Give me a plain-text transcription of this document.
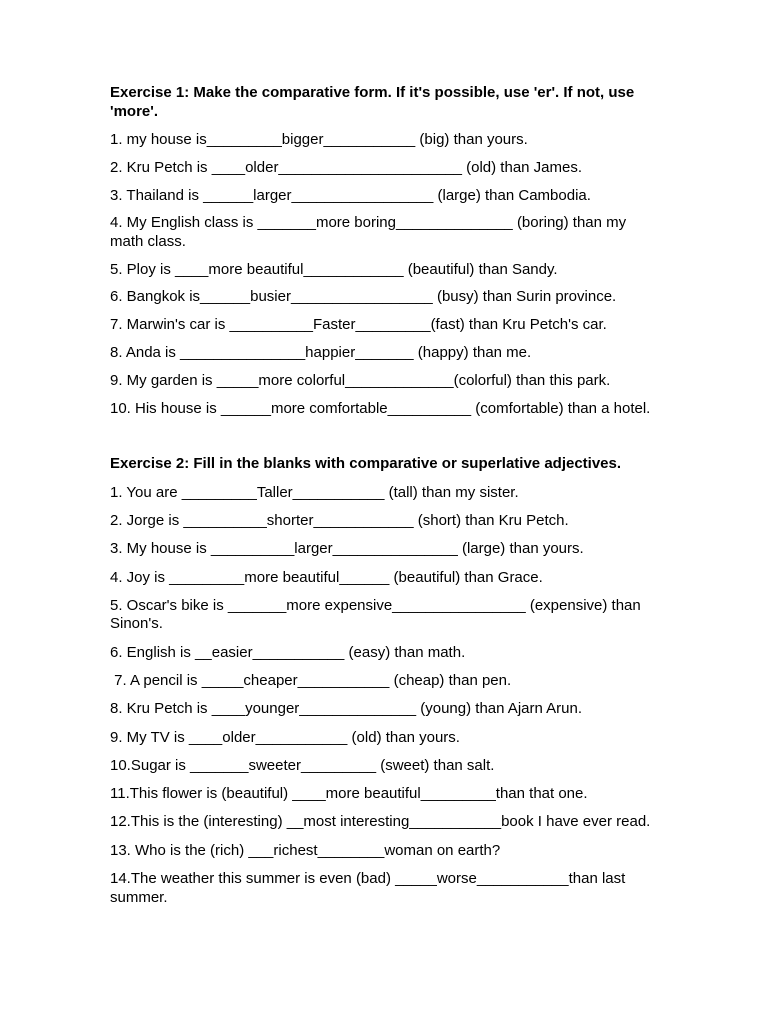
Exercise 1: Make the comparative form. If it's possible, use 'er'. If not, use 'more'.
1. my house is_________bigger___________ (big) than yours.
2. Kru Petch is ____older______________________ (old) than James.
3. Thailand is ______larger_________________ (large) than Cambodia.
4. My English class is _______more boring______________ (boring) than my math class.
5. Ploy is ____more beautiful____________ (beautiful) than Sandy.
6. Bangkok is______busier_________________ (busy) than Surin province.
7. Marwin's car is __________Faster_________(fast) than Kru Petch's car.
8. Anda is _______________happier_______ (happy) than me.
9. My garden is _____more colorful_____________(colorful) than this park.
10. His house is ______more comfortable__________ (comfortable) than a hotel.
Exercise 2: Fill in the blanks with comparative or superlative adjectives.
1. You are _________Taller___________ (tall) than my sister.
2. Jorge is __________shorter____________ (short) than Kru Petch.
3. My house is __________larger_______________ (large) than yours.
4. Joy is _________more beautiful______ (beautiful) than Grace.
5. Oscar's bike is _______more expensive________________ (expensive) than Sinon's.
6. English is __easier___________ (easy) than math.
7. A pencil is _____cheaper___________ (cheap) than pen.
8. Kru Petch is ____younger______________ (young) than Ajarn Arun.
9. My TV is ____older___________ (old) than yours.
10.Sugar is _______sweeter_________ (sweet) than salt.
11.This flower is (beautiful) ____more beautiful_________than that one.
12.This is the (interesting) __most interesting___________book I have ever read.
13. Who is the (rich) ___richest________woman on earth?
14.The weather this summer is even (bad) _____worse___________than last summer.
